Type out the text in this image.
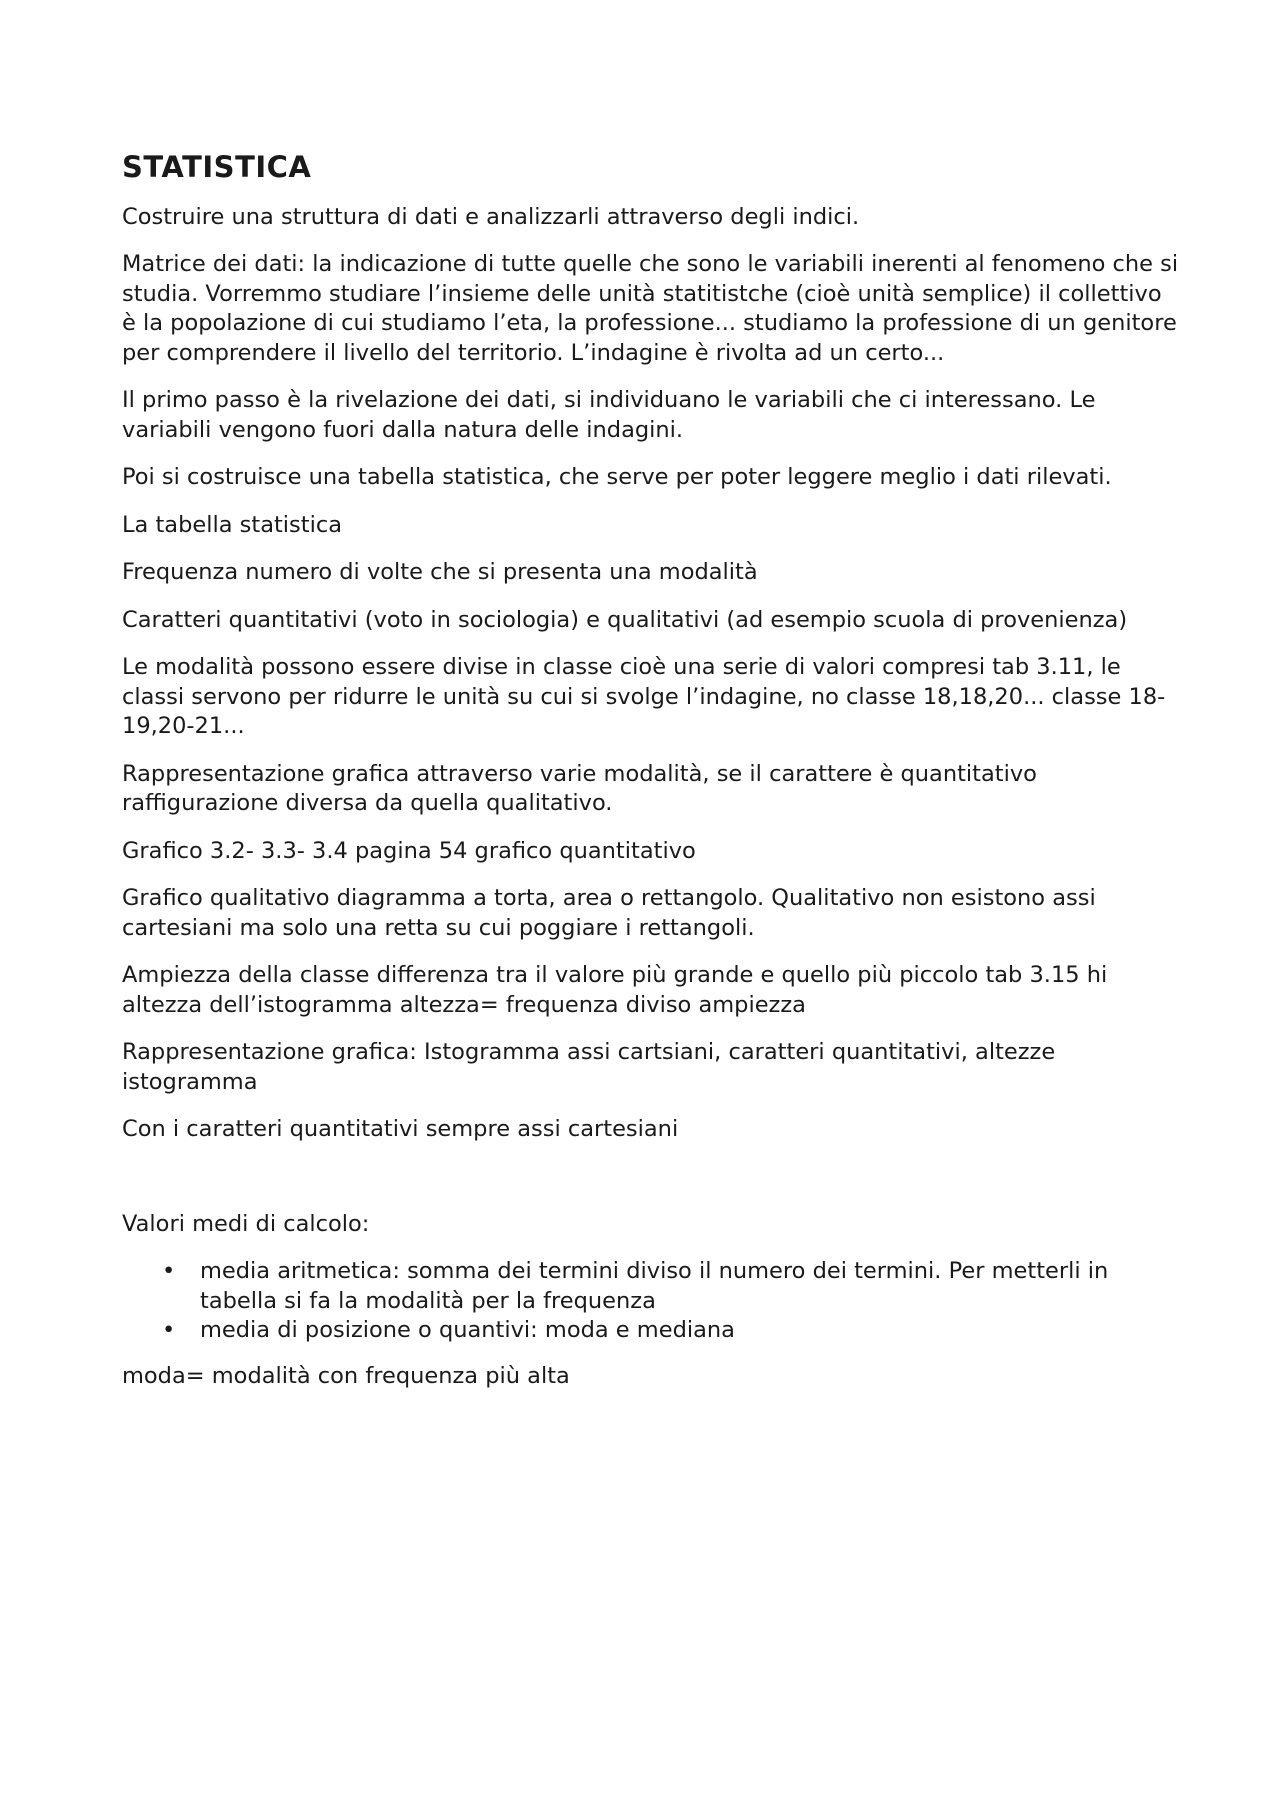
STATISTICA

Costruire una struttura di dati e analizzarli attraverso degli indici.

Matrice dei dati: la indicazione di tutte quelle che sono le variabili inerenti al fenomeno che si studia. Vorremmo studiare l’insieme delle unità statitistche (cioè unità semplice) il collettivo è la popolazione di cui studiamo l’eta, la professione... studiamo la professione di un genitore per comprendere il livello del territorio. L’indagine è rivolta ad un certo...

Il primo passo è la rivelazione dei dati, si individuano le variabili che ci interessano. Le variabili vengono fuori dalla natura delle indagini.

Poi si costruisce una tabella statistica, che serve per poter leggere meglio i dati rilevati.

La tabella statistica

Frequenza numero di volte che si presenta una modalità

Caratteri quantitativi (voto in sociologia) e qualitativi (ad esempio scuola di provenienza)

Le modalità possono essere divise in classe cioè una serie di valori compresi tab 3.11, le classi servono per ridurre le unità su cui si svolge l’indagine, no classe 18,18,20... classe 18-19,20-21...

Rappresentazione grafica attraverso varie modalità, se il carattere è quantitativo raffigurazione diversa da quella qualitativo.

Grafico 3.2- 3.3- 3.4 pagina 54 grafico quantitativo

Grafico qualitativo diagramma a torta, area o rettangolo. Qualitativo non esistono assi cartesiani ma solo una retta su cui poggiare i rettangoli.

Ampiezza della classe differenza tra il valore più grande e quello più piccolo tab 3.15 hi altezza dell’istogramma altezza= frequenza diviso ampiezza

Rappresentazione grafica: Istogramma assi cartsiani, caratteri quantitativi, altezze istogramma

Con i caratteri quantitativi sempre assi cartesiani

Valori medi di calcolo:

• media aritmetica: somma dei termini diviso il numero dei termini. Per metterli in tabella si fa la modalità per la frequenza
• media di posizione o quantivi: moda e mediana

moda= modalità con frequenza più alta
